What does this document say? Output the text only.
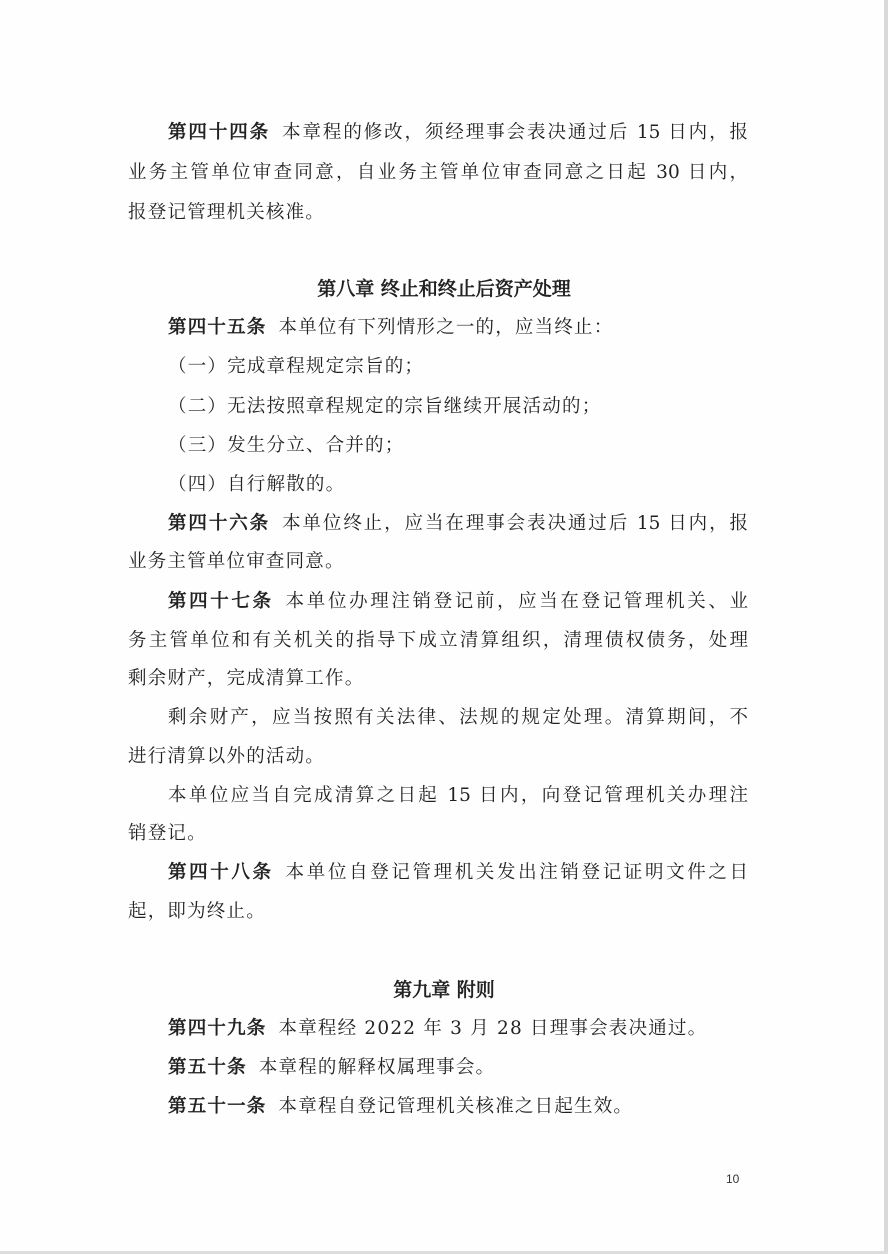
第四十四条 本章程的修改，须经理事会表决通过后 15 日内，报
业务主管单位审查同意，自业务主管单位审查同意之日起 30 日内，
报登记管理机关核准。
第八章 终止和终止后资产处理
第四十五条 本单位有下列情形之一的，应当终止：
（一）完成章程规定宗旨的；
（二）无法按照章程规定的宗旨继续开展活动的；
（三）发生分立、合并的；
（四）自行解散的。
第四十六条 本单位终止，应当在理事会表决通过后 15 日内，报
业务主管单位审查同意。
第四十七条 本单位办理注销登记前，应当在登记管理机关、业
务主管单位和有关机关的指导下成立清算组织，清理债权债务，处理
剩余财产，完成清算工作。
剩余财产，应当按照有关法律、法规的规定处理。清算期间，不
进行清算以外的活动。
本单位应当自完成清算之日起 15 日内，向登记管理机关办理注
销登记。
第四十八条 本单位自登记管理机关发出注销登记证明文件之日
起，即为终止。
第九章 附则
第四十九条 本章程经 2022 年 3 月 28 日理事会表决通过。
第五十条 本章程的解释权属理事会。
第五十一条 本章程自登记管理机关核准之日起生效。
10
